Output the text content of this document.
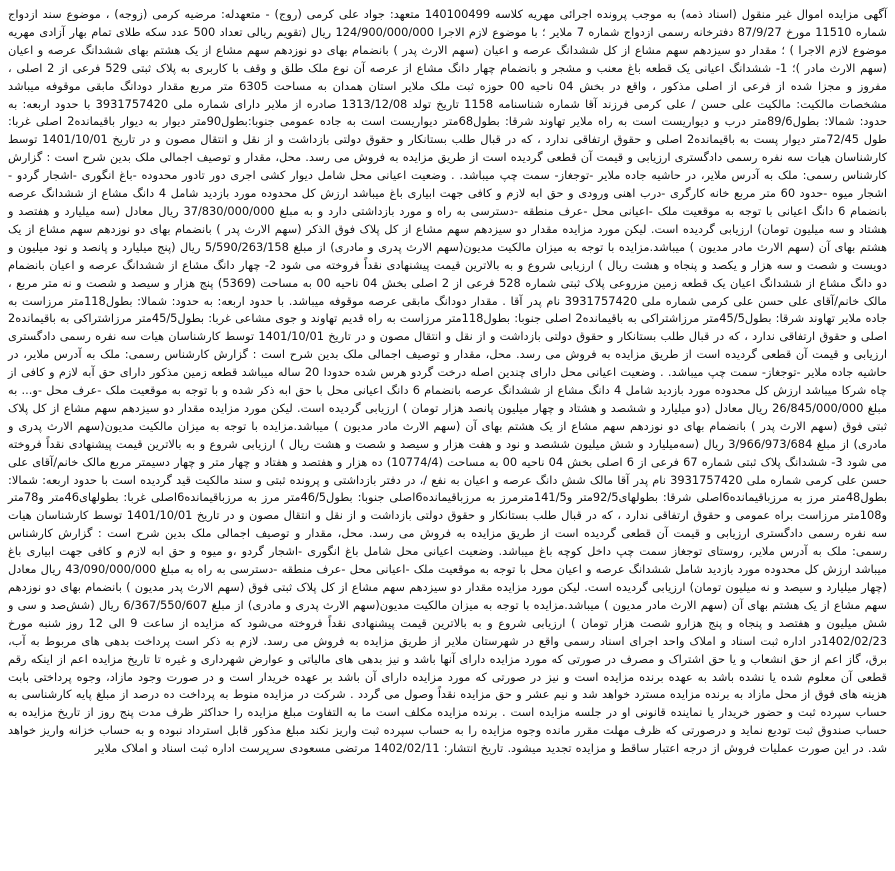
آگهی مزایده اموال غیر منقول (اسناد ذمه) به موجب پرونده اجرائی مهریه کلاسه 140100499 متعهد: جواد علی کرمی (روج) - متعهدله: مرضیه کرمی (زوجه) ، موضوع سند ازدواج شماره 11510 مورخ 87/9/27 دفترخانه رسمی ازدواج شماره 7 ملایر ؛ با موضوع لازم الاجرا 124/900/000/000 ریال (تقویم ریالی تعداد 500 عدد سکه طلای تمام بهار آزادی مهریه موضوع لازم الاجرا ) ؛ مقدار دو سیزدهم سهم مشاع از کل ششدانگ عرصه و اعیان (سهم الارث پدر ) بانضمام بهای دو نوزدهم سهم مشاع از یک هشتم بهای ششدانگ عرصه و اعیان (سهم الارث مادر )؛ 1- ششدانگ اعیانی یک قطعه باغ معنب و مشجر و بانضمام چهار دانگ مشاع از عرصه آن نوع ملک طلق و وقف با کاربری به پلاک ثبتی 529 فرعی از 2 اصلی ، مفروز و مجزا شده از فرعی از اصلی مذکور ، واقع در بخش 04 ناحیه 00 حوزه ثبت ملک ملایر استان همدان به مساحت 6305 متر مربع مقدار دودانگ مابقی موقوفه میباشد مشخصات مالکیت: مالکیت علی حسن / علی کرمی فرزند آقا شماره شناسنامه 1158 تاریخ تولد 1313/12/08 صادره از ملایر دارای شماره ملی 3931757420 با حدود اربعه: به حدود: شمالا: بطول89/6متر درب و دیواریست است به راه ملایر تهاوند شرقا: بطول68متر دیواریست است به جاده عمومی جنوبا:بطول90متر دیوار به دیوار باقیمانده2 اصلی غربا: طول 72/45متر دیوار پست به باقیمانده2 اصلی و حقوق ارتفاقی ندارد ، که در قبال طلب بستانکار و حقوق دولتی بازداشت و از نقل و انتقال مصون و در تاریخ 1401/10/01 توسط کارشناسان هیات سه نفره رسمی دادگستری ارزیابی و قیمت آن قطعی گردیده است از طریق مزایده به فروش می رسد. محل، مقدار و توصیف اجمالی ملک بدین شرح است : گزارش کارشناس رسمی: ملک به آدرس ملایر، در حاشیه جاده ملایر -توجغاز- سمت چپ میباشد. . وضعیت اعیانی محل شامل دیوار کشی اجری دور تادور محدوده -باغ انگوری -اشجار گردو - اشجار میوه -حدود 60 متر مربع خانه کارگری -درب اهنی ورودی و حق ابه لازم و کافی جهت ابیاری باغ میباشد ارزش کل محدوده مورد بازدید شامل 4 دانگ مشاع از ششدانگ عرصه بانضمام 6 دانگ اعیانی با توجه به موقعیت ملک -اعیانی محل -عرف منطقه -دسترسی به راه و مورد بازداشتی دارد و به مبلغ 37/830/000/000 ریال معادل (سه میلیارد و هفتصد و هشتاد و سه میلیون تومان) ارزیابی گردیده است. لیکن مورد مزایده مقدار دو سیزدهم سهم مشاع از کل پلاک فوق الذکر (سهم الارث پدر ) بانضمام بهای دو نوزدهم سهم مشاع از یک هشتم بهای آن (سهم الارث مادر مدیون ) میباشد.مزایده با توجه به میزان مالکیت مدیون(سهم الارث پدری و مادری) از مبلغ 5/590/263/158 ریال (پنج میلیارد و پانصد و نود میلیون و دویست و شصت و سه هزار و یکصد و پنجاه و هشت ریال ) ارزیابی شروع و به بالاترین قیمت پیشنهادی نقداً فروخته می شود 2- چهار دانگ مشاع از ششدانگ عرصه و اعیان بانضمام دو دانگ مشاع از ششدانگ اعیان یک قطعه زمین مزروعی پلاک ثبتی شماره 528 فرعی از 2 اصلی بخش 04 ناحیه 00 به مساحت (5369) پنج هزار و سیصد و شصت و نه متر مربع ، مالک خانم/آقای علی حسن علی کرمی شماره ملی 3931757420 نام پدر آقا . مقدار دودانگ مابقی عرصه موقوفه میباشد. با حدود اربعه: به حدود: شمالا: بطول118متر مرزاست به جاده ملایر تهاوند شرقا: بطول45/5متر مرزاشتراکی به باقیمانده2 اصلی جنوبا: بطول118متر مرزاست به راه قدیم تهاوند و جوی مشاعی غربا: بطول45/5متر مرزاشتراکی به باقیمانده2 اصلی و حقوق ارتفاقی ندارد ، که در قبال طلب بستانکار و حقوق دولتی بازداشت و از نقل و انتقال مصون و در تاریخ 1401/10/01 توسط کارشناسان هیات سه نفره رسمی دادگستری ارزیابی و قیمت آن قطعی گردیده است از طریق مزایده به فروش می رسد. محل، مقدار و توصیف اجمالی ملک بدین شرح است : گزارش کارشناس رسمی: ملک به آدرس ملایر، در حاشیه جاده ملایر -توجغاز- سمت چپ میباشد. . وضعیت اعیانی محل دارای چندین اصله درخت گردو هرس شده حدودا 20 ساله میباشد قطعه زمین مذکور دارای حق آبه لازم و کافی از چاه شرکا میباشد ارزش کل محدوده مورد بازدید شامل 4 دانگ مشاع از ششدانگ عرصه بانضمام 6 دانگ اعیانی محل با حق ابه ذکر شده و با توجه به موقعیت ملک -عرف محل -و... به مبلغ 26/845/000/000 ریال معادل (دو میلیارد و ششصد و هشتاد و چهار میلیون پانصد هزار تومان ) ارزیابی گردیده است. لیکن مورد مزایده مقدار دو سیزدهم سهم مشاع از کل پلاک ثبتی فوق (سهم الارث پدر ) بانضمام بهای دو نوزدهم سهم مشاع از یک هشتم بهای آن (سهم الارث مادر مدیون ) میباشد.مزایده با توجه به میزان مالکیت مدیون(سهم الارث پدری و مادری) از مبلغ 3/966/973/684 ریال (سه‌میلیارد و شش میلیون ششصد و نود و هفت هزار و سیصد و شصت و هشت ریال ) ارزیابی شروع و به بالاترین قیمت پیشنهادی نقداً فروخته می شود 3- ششدانگ پلاک ثبتی شماره 67 فرعی از 6 اصلی بخش 04 ناحیه 00 به مساحت (10774/4) ده هزار و هفتصد و هفتاد و چهار متر و چهار دسیمتر مربع مالک خانم/آقای علی حسن علی کرمی شماره ملی 3931757420 نام پدر آقا مالک شش دانگ عرصه و اعیان به نفع /، در دفتر بازداشتی و پرونده ثبتی و سند مالکیت قید گردیده است با حدود اربعه: شمالا: بطول48متر مرز به مرزباقیمانده6اصلی شرقا: بطولهای92/5متر و141/5مترمرز به مرزباقیمانده6اصلی جنوبا: بطول46/5متر مرز به مرزباقیمانده6اصلی غربا: بطولهای46متر و78متر و108متر مرزاست براه عمومی و حقوق ارتفاقی ندارد ، که در قبال طلب بستانکار و حقوق دولتی بازداشت و از نقل و انتقال مصون و در تاریخ 1401/10/01 توسط کارشناسان هیات سه نفره رسمی دادگستری ارزیابی و قیمت آن قطعی گردیده است از طریق مزایده به فروش می رسد. محل، مقدار و توصیف اجمالی ملک بدین شرح است : گزارش کارشناس رسمی: ملک به آدرس ملایر، روستای توجغاز سمت چپ داخل کوچه باغ میباشد. وضعیت اعیانی محل شامل باغ انگوری -اشجار گردو ،و میوه و حق ابه لازم و کافی جهت ابیاری باغ میباشد ارزش کل محدوده مورد بازدید شامل ششدانگ عرصه و اعیان محل با توجه به موقعیت ملک -اعیانی محل -عرف منطقه -دسترسی به راه به مبلغ 43/090/000/000 ریال معادل (چهار میلیارد و سیصد و نه میلیون تومان) ارزیابی گردیده است. لیکن مورد مزایده مقدار دو سیزدهم سهم مشاع از کل پلاک ثبتی فوق (سهم الارث پدر مدیون ) بانضمام بهای دو نوزدهم سهم مشاع از یک هشتم بهای آن (سهم الارث مادر مدیون ) میباشد.مزایده با توجه به میزان مالکیت مدیون(سهم الارث پدری و مادری) از مبلغ 6/367/550/607 ریال (شش‌صد و سی و شش میلیون و هفتصد و پنجاه و پنج هزارو شصت هزار تومان ) ارزیابی شروع و به بالاترین قیمت پیشنهادی نقداً فروخته می‌شود که مزایده از ساعت 9 الی 12 روز شنبه مورخ 1402/02/23در اداره ثبت اسناد و املاک واحد اجرای اسناد رسمی واقع در شهرستان ملایر از طریق مزایده به فروش می رسد. لازم به ذکر است پرداخت بدهی های مربوط به آب، برق، گاز اعم از حق انشعاب و یا حق اشتراک و مصرف در صورتی که مورد مزایده دارای آنها باشد و نیز بدهی های مالیاتی و عوارض شهرداری و غیره تا تاریخ مزایده اعم از اینکه رقم قطعی آن معلوم شده یا نشده باشد به عهده برنده مزایده است و نیز در صورتی که مورد مزایده دارای آن باشد بر عهده خریدار است و در صورت وجود مازاد، وجوه پرداختی بابت هزینه های فوق از محل مازاد به برنده مزایده مسترد خواهد شد و نیم عشر و حق مزایده نقداً وصول می گردد . شرکت در مزایده منوط به پرداخت ده درصد از مبلغ پایه کارشناسی به حساب سپرده ثبت و حضور خریدار یا نماینده قانونی او در جلسه مزایده است . برنده مزایده مکلف است ما به التفاوت مبلغ مزایده را حداکثر ظرف مدت پنج روز از تاریخ مزایده به حساب صندوق ثبت تودیع نماید و درصورتی که ظرف مهلت مقرر مانده وجوه مزایده را به حساب سپرده ثبت واریز نکند مبلغ مذکور قابل استرداد نبوده و به حساب خزانه واریز خواهد شد. در این صورت عملیات فروش از درجه اعتبار ساقط و مزایده تجدید میشود. تاریخ انتشار: 1402/02/11 مرتضی مسعودی سرپرست اداره ثبت اسناد و املاک ملایر
